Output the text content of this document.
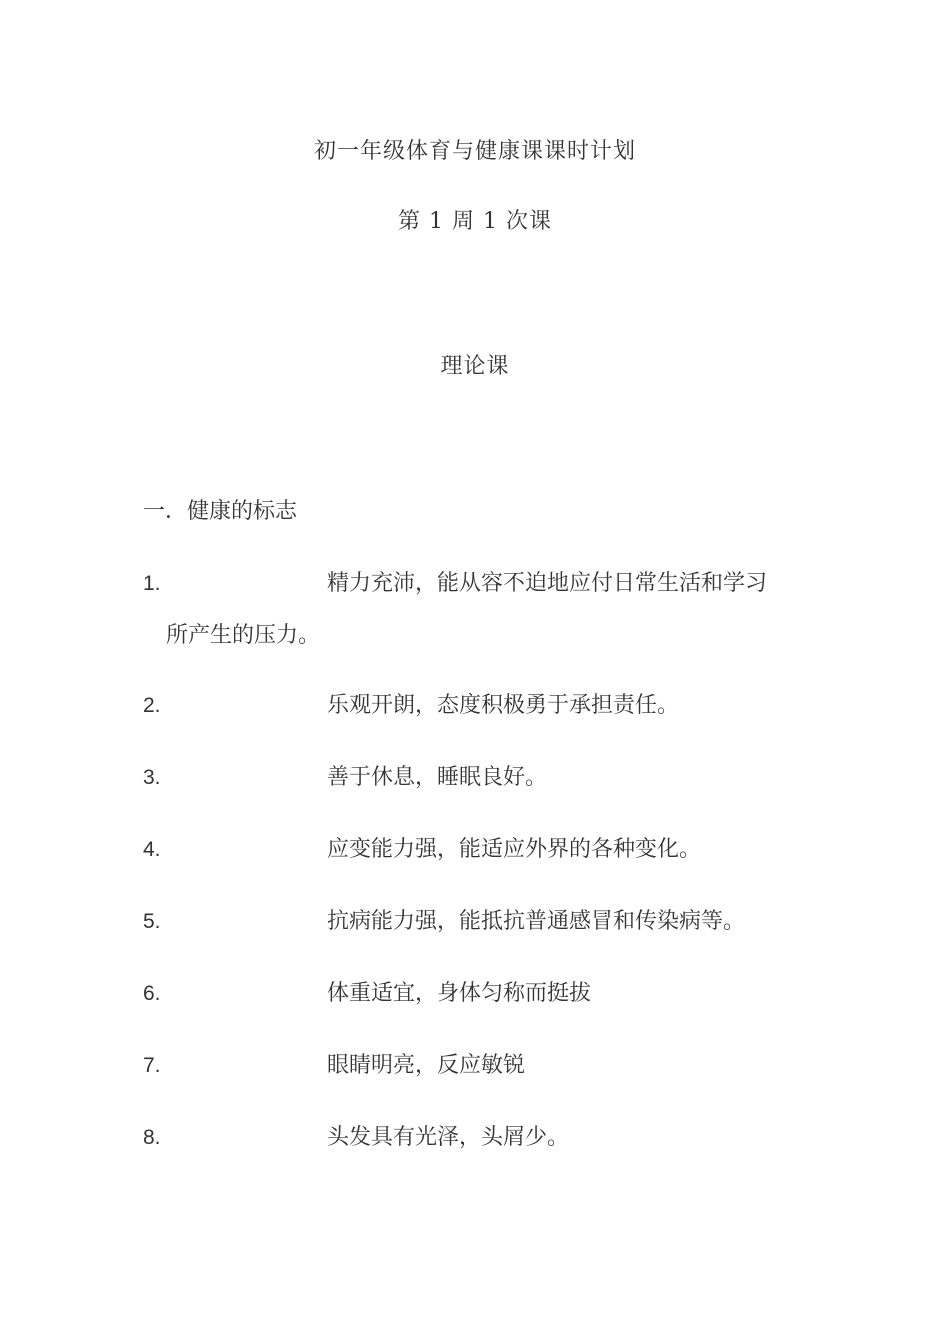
初一年级体育与健康课课时计划
第 1 周 1 次课
理论课
一．健康的标志
1.	精力充沛，能从容不迫地应付日常生活和学习
所产生的压力。
2.	乐观开朗，态度积极勇于承担责任。
3.	善于休息，睡眠良好。
4.	应变能力强，能适应外界的各种变化。
5.	抗病能力强，能抵抗普通感冒和传染病等。
6.	体重适宜，身体匀称而挺拔
7.	眼睛明亮，反应敏锐
8.	头发具有光泽，头屑少。
